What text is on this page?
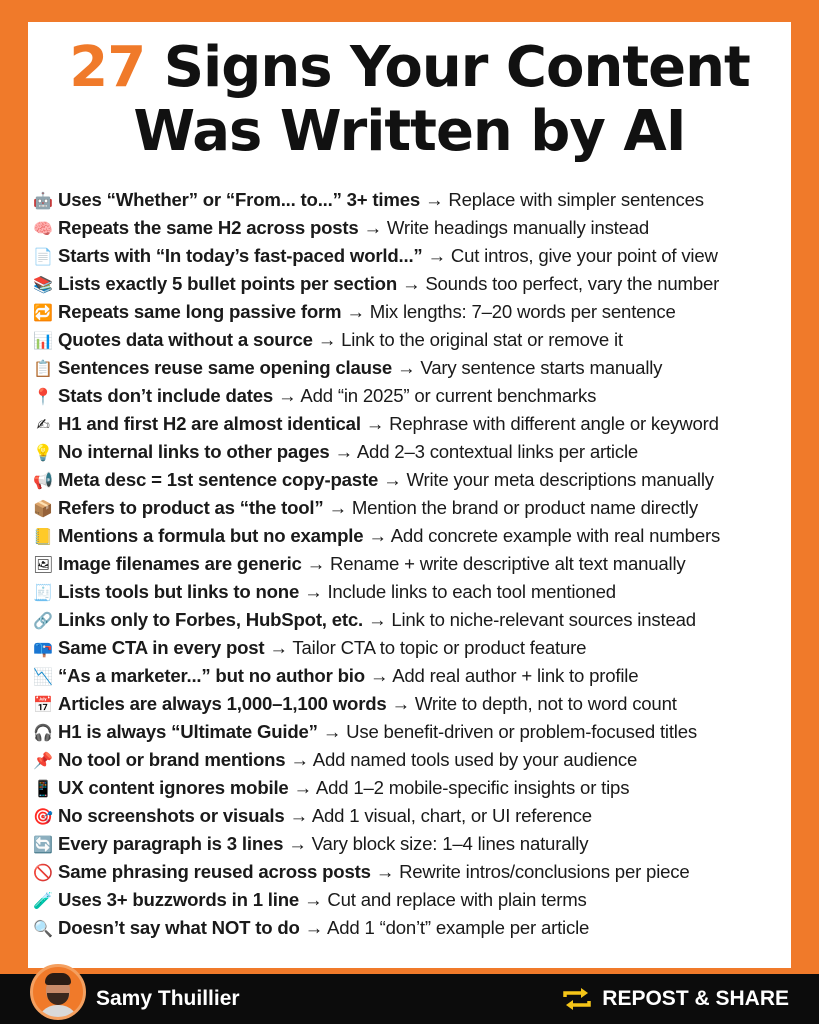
27 Signs Your Content
Was Written by AI
🤖 Uses “Whether” or “From... to...” 3+ times → Replace with simpler sentences
🧠 Repeats the same H2 across posts → Write headings manually instead
📄 Starts with “In today’s fast-paced world...” → Cut intros, give your point of view
📚 Lists exactly 5 bullet points per section → Sounds too perfect, vary the number
🔁 Repeats same long passive form → Mix lengths: 7–20 words per sentence
📊 Quotes data without a source → Link to the original stat or remove it
📋 Sentences reuse same opening clause → Vary sentence starts manually
📍 Stats don’t include dates → Add “in 2025” or current benchmarks
✍ H1 and first H2 are almost identical → Rephrase with different angle or keyword
💡 No internal links to other pages → Add 2–3 contextual links per article
📢 Meta desc = 1st sentence copy-paste → Write your meta descriptions manually
📦 Refers to product as “the tool” → Mention the brand or product name directly
📒 Mentions a formula but no example → Add concrete example with real numbers
🖼 Image filenames are generic → Rename + write descriptive alt text manually
🧾 Lists tools but links to none → Include links to each tool mentioned
🔗 Links only to Forbes, HubSpot, etc. → Link to niche-relevant sources instead
📪 Same CTA in every post → Tailor CTA to topic or product feature
📉 “As a marketer...” but no author bio → Add real author + link to profile
📅 Articles are always 1,000–1,100 words → Write to depth, not to word count
🎧 H1 is always “Ultimate Guide” → Use benefit-driven or problem-focused titles
📌 No tool or brand mentions → Add named tools used by your audience
📱 UX content ignores mobile → Add 1–2 mobile-specific insights or tips
🎯 No screenshots or visuals → Add 1 visual, chart, or UI reference
🔄 Every paragraph is 3 lines → Vary block size: 1–4 lines naturally
🚫 Same phrasing reused across posts → Rewrite intros/conclusions per piece
🧪 Uses 3+ buzzwords in 1 line → Cut and replace with plain terms
🔍 Doesn’t say what NOT to do → Add 1 “don’t” example per article
Samy Thuillier	REPOST & SHARE
